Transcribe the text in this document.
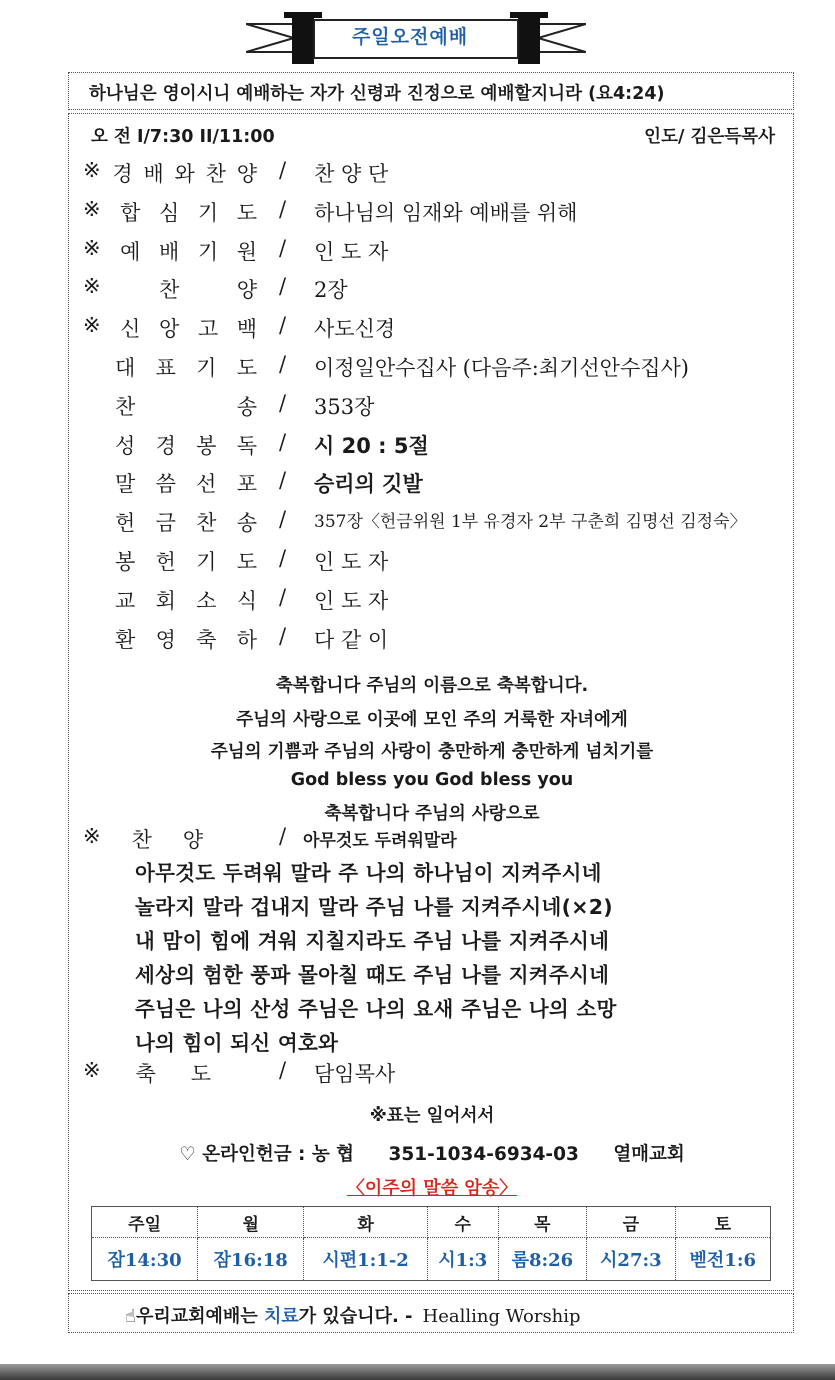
주일오전예배
하나님은 영이시니 예배하는 자가 신령과 진정으로 예배할지니라 (요4:24)
오 전 I/7:30 II/11:00	인도/ 김은득목사
※ 경 배 와 찬 양 / 찬 양 단
※ 합 심 기 도 / 하나님의 임재와 예배를 위해
※ 예 배 기 원 / 인 도 자
※	찬	양 / 2장
※ 신 앙 고 백 / 사도신경
대 표 기 도 / 이정일안수집사 (다음주:최기선안수집사)
찬	송 / 353장
성 경 봉 독 / 시 20 : 5절
말 씀 선 포 / 승리의 깃발
헌 금 찬 송 / 357장〈헌금위원 1부 유경자 2부 구춘희 김명선 김정숙〉
봉 헌 기 도 / 인 도 자
교 회 소 식 / 인 도 자
환 영 축 하 / 다 같 이
축복합니다 주님의 이름으로 축복합니다.
주님의 사랑으로 이곳에 모인 주의 거룩한 자녀에게
주님의 기쁨과 주님의 사랑이 충만하게 충만하게 넘치기를
God bless you God bless you
축복합니다 주님의 사랑으로
※ 찬 양	/ 아무것도 두려워말라
아무것도 두려워 말라 주 나의 하나님이 지켜주시네
놀라지 말라 겁내지 말라 주님 나를 지켜주시네(×2)
내 맘이 힘에 겨워 지칠지라도 주님 나를 지켜주시네
세상의 험한 풍파 몰아칠 때도 주님 나를 지켜주시네
주님은 나의 산성 주님은 나의 요새 주님은 나의 소망
나의 힘이 되신 여호와
※ 축 도	/ 담임목사
※표는 일어서서
♡ 온라인헌금 : 농 협 351-1034-6934-03 열매교회
〈이주의 말씀 암송〉
주일	월	화	수	목	금	토
잠14:30	잠16:18	시편1:1-2	시1:3	롬8:26	시27:3	벧전1:6
☝우리교회예배는 치료가 있습니다. - Healling Worship
